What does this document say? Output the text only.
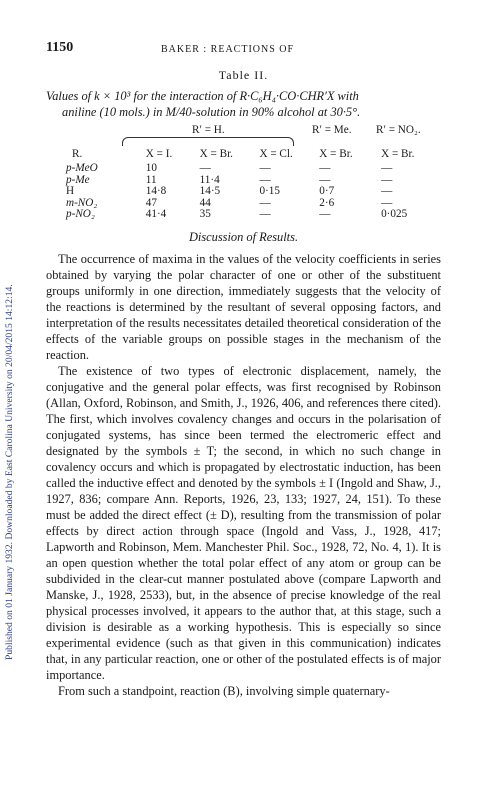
Published on 01 January 1932. Downloaded by East Carolina University on 20/04/2015 14:12:14.
1150	BAKER : REACTIONS OF
Table II.
Values of k × 10³ for the interaction of R·C₆H₄·CO·CHR′X with
aniline (10 mols.) in M/40-solution in 90% alcohol at 30·5°.
R′ = H.	R′ = Me. R′ = NO₂.
R.	X = I.	X = Br.	X = Cl.	X = Br.	X = Br.
p-MeO	10	—	—	—	—
p-Me	11	11·4	—	—	—
H	14·8	14·5	0·15	0·7	—
m-NO₂	47	44	—	2·6	—
p-NO₂	41·4	35	—	—	0·025
Discussion of Results.

The occurrence of maxima in the values of the velocity coefficients in series obtained by varying the polar character of one or other of the substituent groups uniformly in one direction, immediately suggests that the velocity of the reactions is determined by the resultant of several opposing factors, and interpretation of the results necessitates detailed theoretical consideration of the effects of the variable groups on possible stages in the mechanism of the reaction.

The existence of two types of electronic displacement, namely, the conjugative and the general polar effects, was first recognised by Robinson (Allan, Oxford, Robinson, and Smith, J., 1926, 406, and references there cited). The first, which involves covalency changes and occurs in the polarisation of conjugated systems, has since been termed the electromeric effect and designated by the symbols ± T; the second, in which no such change in covalency occurs and which is propagated by electrostatic induction, has been called the inductive effect and denoted by the symbols ± I (Ingold and Shaw, J., 1927, 836; compare Ann. Reports, 1926, 23, 133; 1927, 24, 151). To these must be added the direct effect (± D), resulting from the transmission of polar effects by direct action through space (Ingold and Vass, J., 1928, 417; Lapworth and Robinson, Mem. Manchester Phil. Soc., 1928, 72, No. 4, 1). It is an open question whether the total polar effect of any atom or group can be subdivided in the clear-cut manner postulated above (compare Lapworth and Manske, J., 1928, 2533), but, in the absence of precise knowledge of the real physical processes involved, it appears to the author that, at this stage, such a division is desirable as a working hypothesis. This is especially so since experimental evidence (such as that given in this communication) indicates that, in any particular reaction, one or other of the postulated effects is of major importance.

From such a standpoint, reaction (B), involving simple quaternary-
